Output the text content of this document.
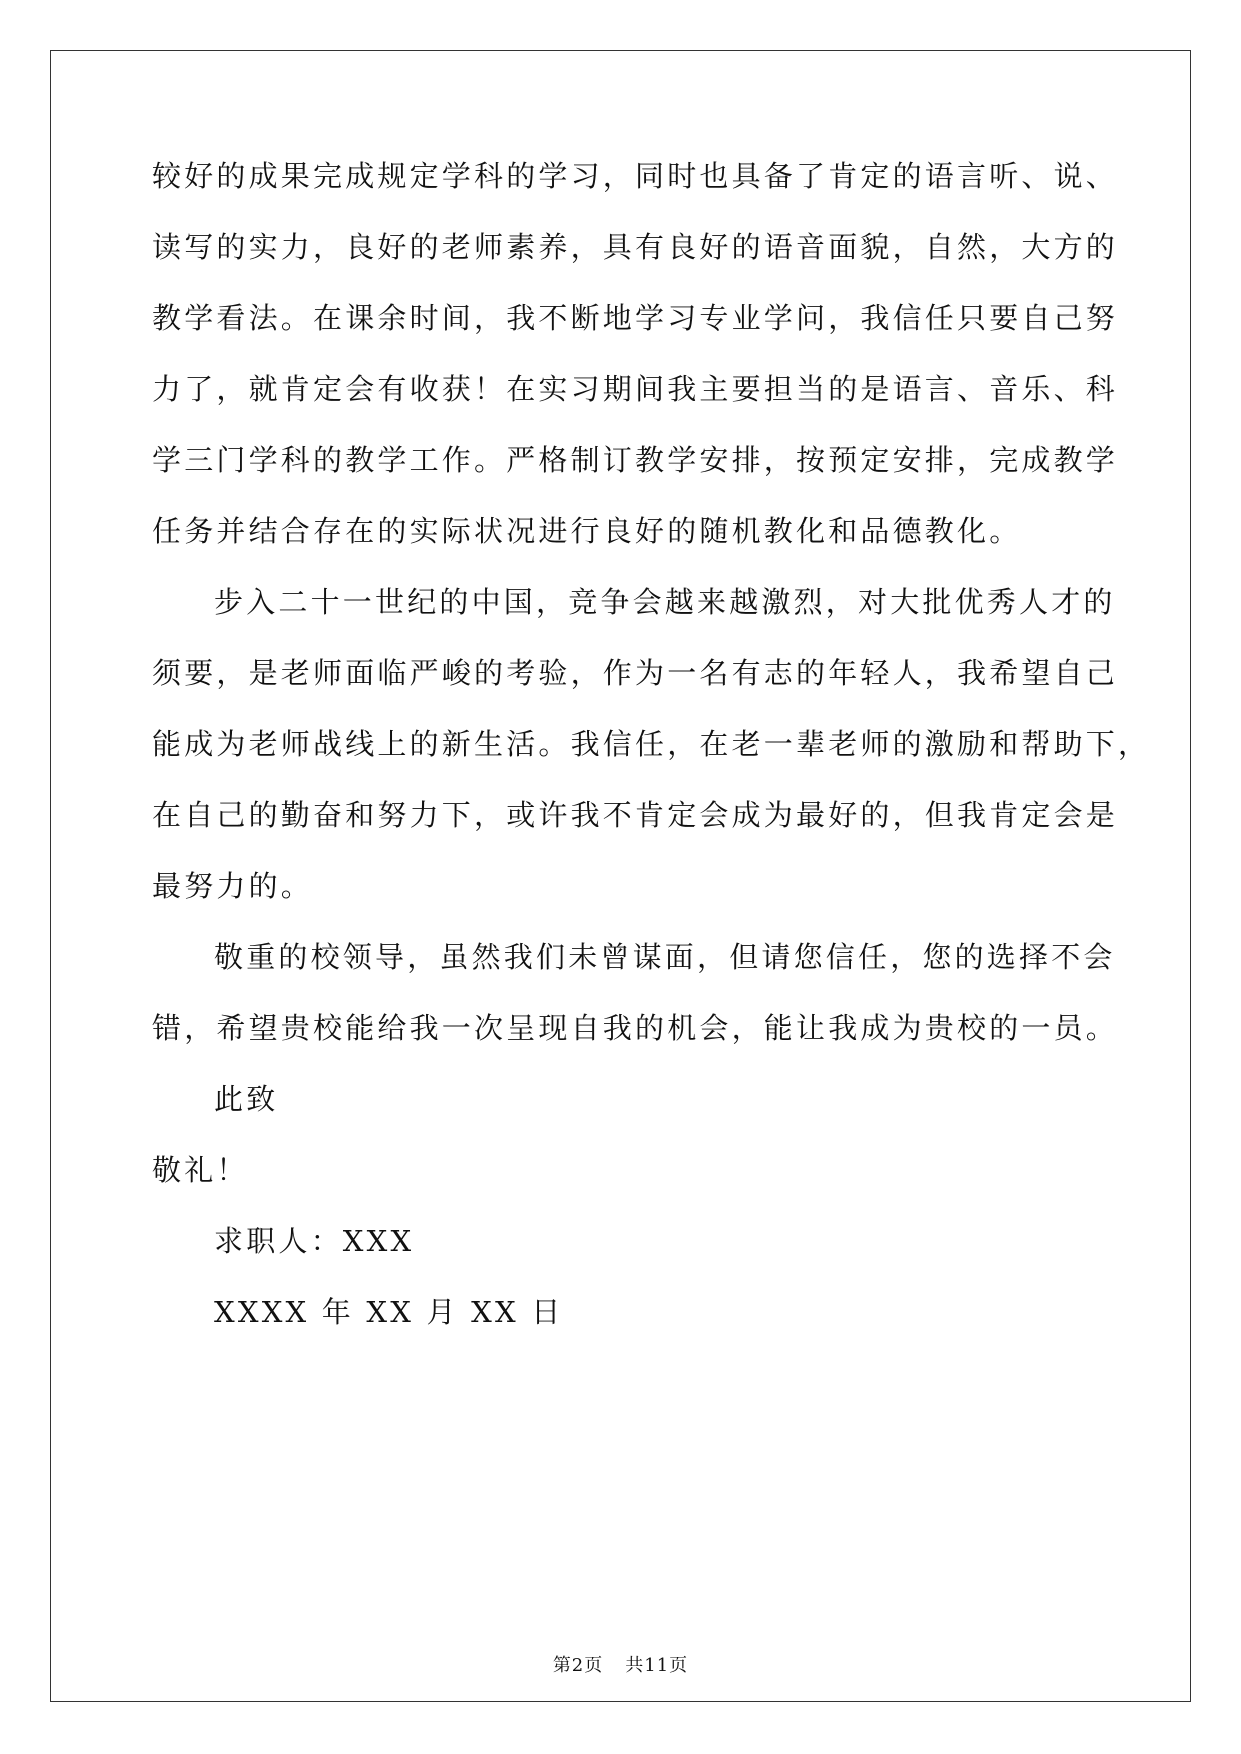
较好的成果完成规定学科的学习，同时也具备了肯定的语言听、说、
读写的实力，良好的老师素养，具有良好的语音面貌，自然，大方的
教学看法。在课余时间，我不断地学习专业学问，我信任只要自己努
力了，就肯定会有收获！在实习期间我主要担当的是语言、音乐、科
学三门学科的教学工作。严格制订教学安排，按预定安排，完成教学
任务并结合存在的实际状况进行良好的随机教化和品德教化。
步入二十一世纪的中国，竞争会越来越激烈，对大批优秀人才的
须要，是老师面临严峻的考验，作为一名有志的年轻人，我希望自己
能成为老师战线上的新生活。我信任，在老一辈老师的激励和帮助下，
在自己的勤奋和努力下，或许我不肯定会成为最好的，但我肯定会是
最努力的。
敬重的校领导，虽然我们未曾谋面，但请您信任，您的选择不会
错，希望贵校能给我一次呈现自我的机会，能让我成为贵校的一员。
此致
敬礼！
求职人：XXX
XXXX 年 XX 月 XX 日
第2页 共11页
